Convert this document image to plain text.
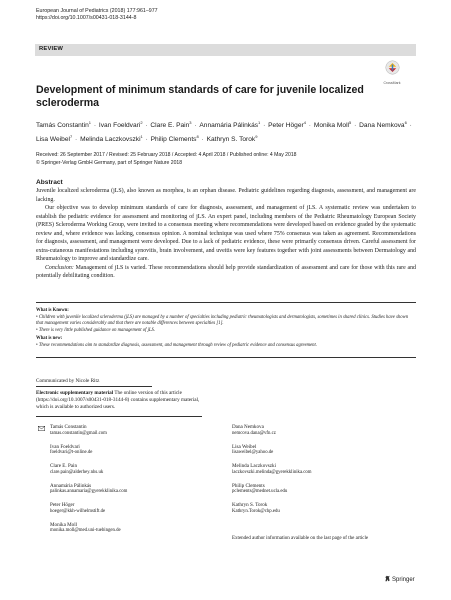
European Journal of Pediatrics (2018) 177:961–977
https://doi.org/10.1007/s00431-018-3144-8
REVIEW
CrossMark
Development of minimum standards of care for juvenile localized scleroderma
Tamás Constantin$^1$ · Ivan Foeldvari$^2$ · Clare E. Pain$^3$ · Annamária Pálinkás$^1$ · Peter Höger$^4$ · Monika Moll$^5$ · Dana Nemkova$^6$ · Lisa Weibel$^7$ · Melinda Laczkovszki$^1$ · Philip Clements$^8$ · Kathryn S. Torok$^9$
Received: 26 September 2017 / Revised: 25 February 2018 / Accepted: 4 April 2018 / Published online: 4 May 2018
© Springer-Verlag GmbH Germany, part of Springer Nature 2018
Abstract

Juvenile localized scleroderma (jLS), also known as morphea, is an orphan disease. Pediatric guidelines regarding diagnosis, assessment, and management are lacking.

Our objective was to develop minimum standards of care for diagnosis, assessment, and management of jLS. A systematic review was undertaken to establish the pediatric evidence for assessment and monitoring of jLS. An expert panel, including members of the Pediatric Rheumatology European Society (PRES) Scleroderma Working Group, were invited to a consensus meeting where recommendations were developed based on evidence graded by the systematic review and, where evidence was lacking, consensus opinion. A nominal technique was used where 75% consensus was taken as agreement. Recommendations for diagnosis, assessment, and management were developed. Due to a lack of pediatric evidence, these were primarily consensus driven. Careful assessment for extra-cutaneous manifestations including synovitis, brain involvement, and uveitis were key features together with joint assessments between Dermatology and Rheumatology to improve and standardize care.

Conclusion: Management of jLS is varied. These recommendations should help provide standardization of assessment and care for those with this rare and potentially debilitating condition.

What is Known:

• Children with juvenile localized scleroderma (jLS) are managed by a number of specialties including pediatric rheumatologists and dermatologists, sometimes in shared clinics. Studies have shown that management varies considerably and that there are notable differences between specialties [1].

• There is very little published guidance on management of jLS.

What is new:

• These recommendations aim to standardize diagnosis, assessment, and management through review of pediatric evidence and consensus agreement.

Communicated by Nicole Ritz
Electronic supplementary material The online version of this article (https://doi.org/10.1007/s00431-018-3144-8) contains supplementary material, which is available to authorized users.
Tamás Constantin
tamas.constantin@gmail.com
Ivan Foeldvari
foeldvari@t-online.de
Clare E. Pain
clare.pain@alderhey.nhs.uk
Annamária Pálinkás
palinkas.annamaria@gyerekklinika.com
Peter Höger
hoeger@kkh-wilhelmstift.de
Monika Moll
monika.moll@med.uni-tuebingen.de
Dana Nemkova
nemcova.dana@vfn.cz
Lisa Weibel
lisaweibel@yahoo.de
Melinda Laczkovszki
laczkovszki.melinda@gyerekklinika.com
Philip Clements
pclements@mednet.ucla.edu
Kathryn S. Torok
Kathryn.Torok@chp.edu
Extended author information available on the last page of the article
Springer
